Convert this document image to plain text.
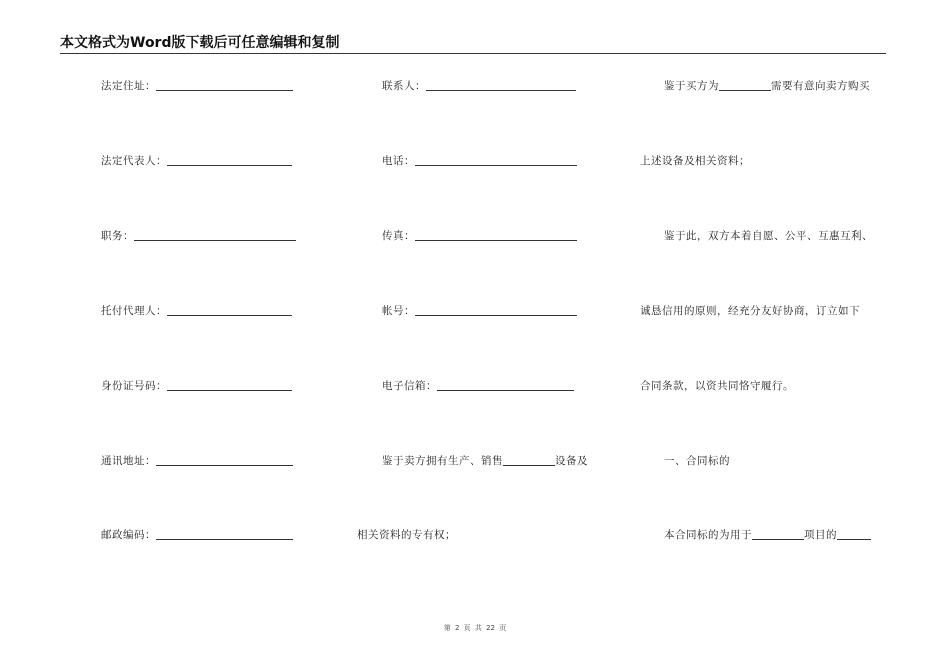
本文格式为Word版下载后可任意编辑和复制
法定住址：
法定代表人：
职务：
托付代理人：
身份证号码：
通讯地址：
邮政编码：
联系人：
电话：
传真：
帐号：
电子信箱：
鉴于卖方拥有生产、销售	设备及
相关资料的专有权；
鉴于买方为	需要有意向卖方购买
上述设备及相关资料；
鉴于此，双方本着自愿、公平、互惠互利、
诚恳信用的原则，经充分友好协商，订立如下
合同条款，以资共同恪守履行。
一、合同标的
本合同标的为用于	项目的
第 2 页 共 22 页
